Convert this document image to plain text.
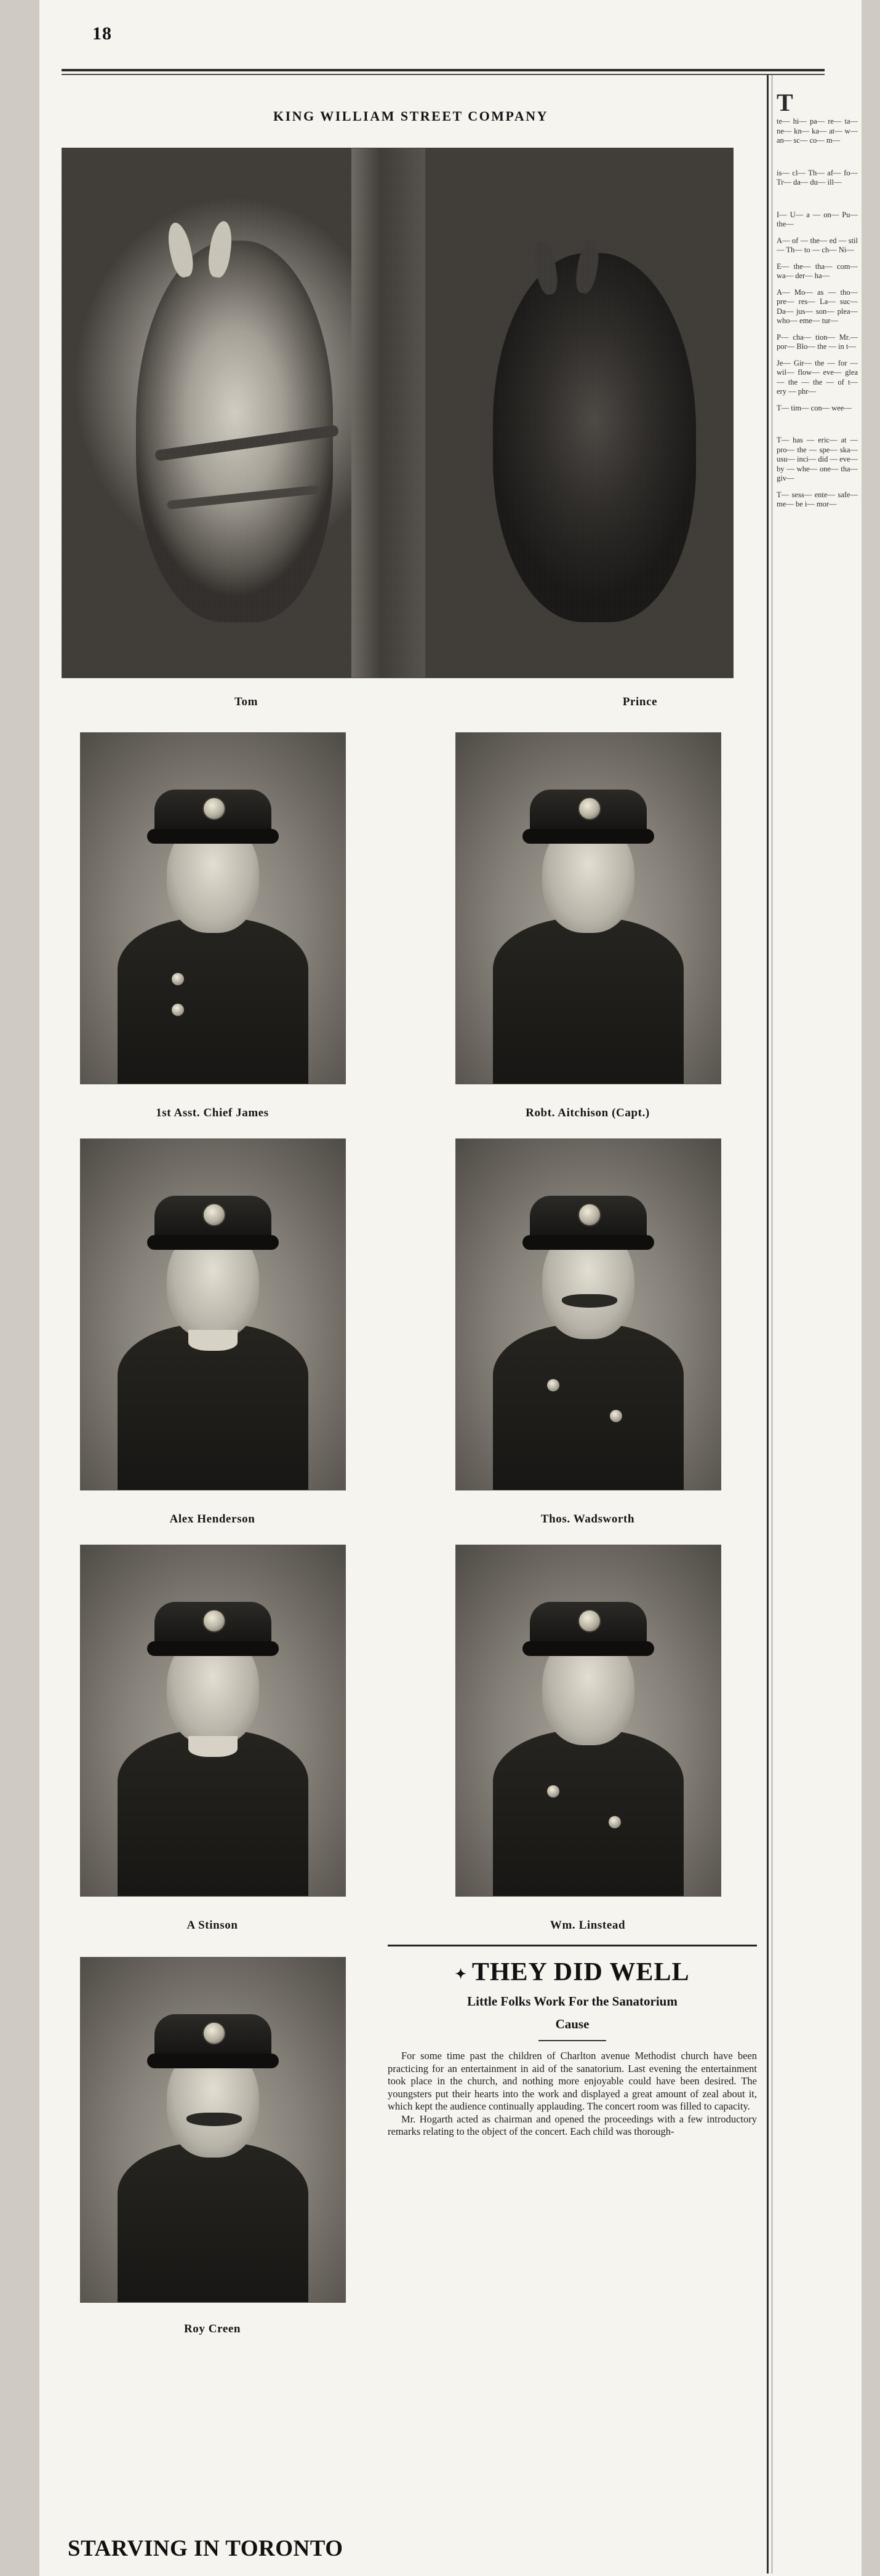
18
KING WILLIAM STREET COMPANY
Tom	Prince
1st Asst. Chief James	Robt. Aitchison (Capt.)
Alex Henderson	Thos. Wadsworth
A Stinson	Wm. Linstead
Roy Creen
✦ THEY DID WELL
Little Folks Work For the Sanatorium
Cause

For some time past the children of Charlton avenue Methodist church have been practicing for an entertainment in aid of the sanatorium. Last evening the entertainment took place in the church, and nothing more enjoyable could have been desired. The youngsters put their hearts into the work and displayed a great amount of zeal about it, which kept the audience continually applauding. The concert room was filled to capacity.

Mr. Hogarth acted as chairman and opened the proceedings with a few introductory remarks relating to the object of the concert. Each child was thorough-

STARVING IN TORONTO
T

te— hi— pa— re— ta— ne— kn— ka— at— w— an— sc— co— m—

is— cl— Th— af— fo— Tr— da— du— ill—

I— U— a — on— Pu— the—

A— of — the— ed — stil— Th— to — ch— Ni—

E— the— tha— com— wa— der— ha—

A— Mo— as — tho— pre— res— La— suc— Da— jus— son— plea— who— eme— tur—

P— cha— tion— Mr.— por— Blo— the — in t—

Je— Gir— the — for — wil— flow— eve— glea— the — the — of t— ery — phr—

T— tim— con— wee—

T— has — eric— at — pro— the — spe— ska— usu— inci— did — eve— by — whe— one— tha— giv—

T— sess— ente— safe— me— be i— mor—
